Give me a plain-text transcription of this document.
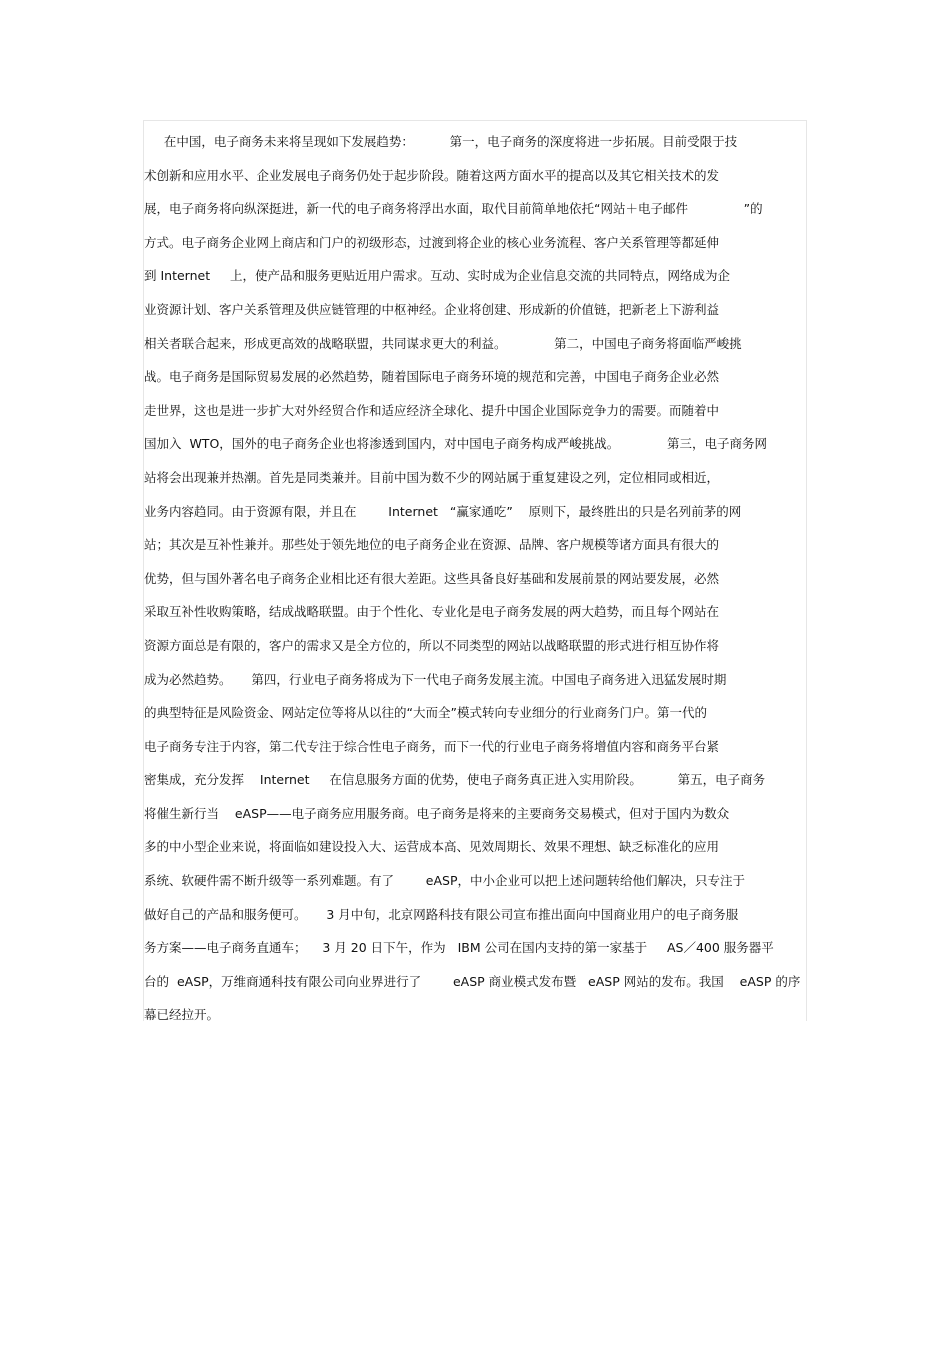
在中国，电子商务未来将呈现如下发展趋势：         第一，电子商务的深度将进一步拓展。目前受限于技
术创新和应用水平、企业发展电子商务仍处于起步阶段。随着这两方面水平的提高以及其它相关技术的发
展，电子商务将向纵深挺进，新一代的电子商务将浮出水面，取代目前简单地依托“网站＋电子邮件              ”的
方式。电子商务企业网上商店和门户的初级形态，过渡到将企业的核心业务流程、客户关系管理等都延伸
到 Internet     上，使产品和服务更贴近用户需求。互动、实时成为企业信息交流的共同特点，网络成为企
业资源计划、客户关系管理及供应链管理的中枢神经。企业将创建、形成新的价值链，把新老上下游利益
相关者联合起来，形成更高效的战略联盟，共同谋求更大的利益。            第二，中国电子商务将面临严峻挑
战。电子商务是国际贸易发展的必然趋势，随着国际电子商务环境的规范和完善，中国电子商务企业必然
走世界，这也是进一步扩大对外经贸合作和适应经济全球化、提升中国企业国际竞争力的需要。而随着中
国加入  WTO，国外的电子商务企业也将渗透到国内，对中国电子商务构成严峻挑战。            第三，电子商务网
站将会出现兼并热潮。首先是同类兼并。目前中国为数不少的网站属于重复建设之列，定位相同或相近，
业务内容趋同。由于资源有限，并且在        Internet   “赢家通吃”    原则下，最终胜出的只是名列前茅的网
站；其次是互补性兼并。那些处于领先地位的电子商务企业在资源、品牌、客户规模等诸方面具有很大的
优势，但与国外著名电子商务企业相比还有很大差距。这些具备良好基础和发展前景的网站要发展，必然
采取互补性收购策略，结成战略联盟。由于个性化、专业化是电子商务发展的两大趋势，而且每个网站在
资源方面总是有限的，客户的需求又是全方位的，所以不同类型的网站以战略联盟的形式进行相互协作将
成为必然趋势。     第四，行业电子商务将成为下一代电子商务发展主流。中国电子商务进入迅猛发展时期
的典型特征是风险资金、网站定位等将从以往的“大而全”模式转向专业细分的行业商务门户。第一代的
电子商务专注于内容，第二代专注于综合性电子商务，而下一代的行业电子商务将增值内容和商务平台紧
密集成，充分发挥    Internet     在信息服务方面的优势，使电子商务真正进入实用阶段。         第五，电子商务
将催生新行当    eASP——电子商务应用服务商。电子商务是将来的主要商务交易模式，但对于国内为数众
多的中小型企业来说，将面临如建设投入大、运营成本高、见效周期长、效果不理想、缺乏标准化的应用
系统、软硬件需不断升级等一系列难题。有了        eASP，中小企业可以把上述问题转给他们解决，只专注于
做好自己的产品和服务便可。     3 月中旬，北京网路科技有限公司宣布推出面向中国商业用户的电子商务服
务方案——电子商务直通车；    3 月 20 日下午，作为   IBM 公司在国内支持的第一家基于     AS／400 服务器平
台的  eASP，万维商通科技有限公司向业界进行了        eASP 商业模式发布暨   eASP 网站的发布。我国    eASP 的序
幕已经拉开。
